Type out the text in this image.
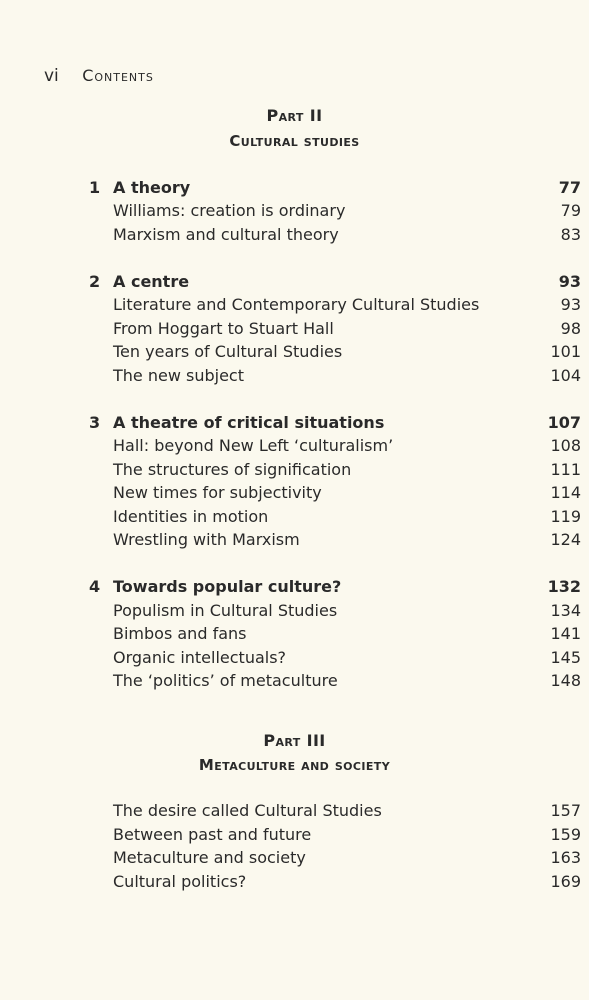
vi Contents
Part II
Cultural studies
1 A theory	77
Williams: creation is ordinary	79
Marxism and cultural theory	83
2 A centre	93
Literature and Contemporary Cultural Studies	93
From Hoggart to Stuart Hall	98
Ten years of Cultural Studies	101
The new subject	104
3 A theatre of critical situations	107
Hall: beyond New Left ‘culturalism’	108
The structures of signification	111
New times for subjectivity	114
Identities in motion	119
Wrestling with Marxism	124
4 Towards popular culture?	132
Populism in Cultural Studies	134
Bimbos and fans	141
Organic intellectuals?	145
The ‘politics’ of metaculture	148
Part III
Metaculture and society
The desire called Cultural Studies	157
Between past and future	159
Metaculture and society	163
Cultural politics?	169
